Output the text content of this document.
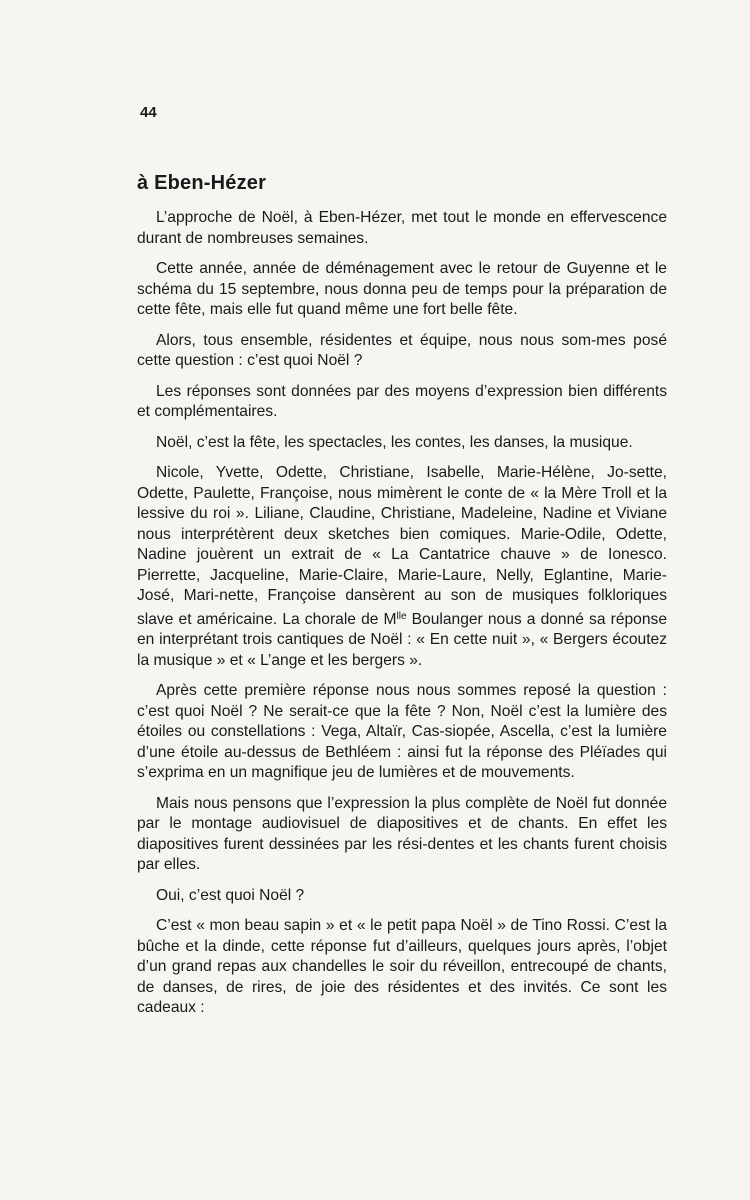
44
à Eben-Hézer

L’approche de Noël, à Eben-Hézer, met tout le monde en effervescence durant de nombreuses semaines.

Cette année, année de déménagement avec le retour de Guyenne et le schéma du 15 septembre, nous donna peu de temps pour la préparation de cette fête, mais elle fut quand même une fort belle fête.

Alors, tous ensemble, résidentes et équipe, nous nous som-mes posé cette question : c’est quoi Noël ?

Les réponses sont données par des moyens d’expression bien différents et complémentaires.

Noël, c’est la fête, les spectacles, les contes, les danses, la musique.

Nicole, Yvette, Odette, Christiane, Isabelle, Marie-Hélène, Jo-sette, Odette, Paulette, Françoise, nous mimèrent le conte de « la Mère Troll et la lessive du roi ». Liliane, Claudine, Christiane, Madeleine, Nadine et Viviane nous interprétèrent deux sketches bien comiques. Marie-Odile, Odette, Nadine jouèrent un extrait de « La Cantatrice chauve » de Ionesco. Pierrette, Jacqueline, Marie-Claire, Marie-Laure, Nelly, Eglantine, Marie-José, Mari-nette, Françoise dansèrent au son de musiques folkloriques slave et américaine. La chorale de $M^{lle}$ Boulanger nous a donné sa réponse en interprétant trois cantiques de Noël : « En cette nuit », « Bergers écoutez la musique » et « L’ange et les bergers ».

Après cette première réponse nous nous sommes reposé la question : c’est quoi Noël ? Ne serait-ce que la fête ? Non, Noël c’est la lumière des étoiles ou constellations : Vega, Altaïr, Cas-siopée, Ascella, c’est la lumière d’une étoile au-dessus de Bethléem : ainsi fut la réponse des Pléïades qui s’exprima en un magnifique jeu de lumières et de mouvements.

Mais nous pensons que l’expression la plus complète de Noël fut donnée par le montage audiovisuel de diapositives et de chants. En effet les diapositives furent dessinées par les rési-dentes et les chants furent choisis par elles.

Oui, c’est quoi Noël ?

C’est « mon beau sapin » et « le petit papa Noël » de Tino Rossi. C’est la bûche et la dinde, cette réponse fut d’ailleurs, quelques jours après, l’objet d’un grand repas aux chandelles le soir du réveillon, entrecoupé de chants, de danses, de rires, de joie des résidentes et des invités. Ce sont les cadeaux :
